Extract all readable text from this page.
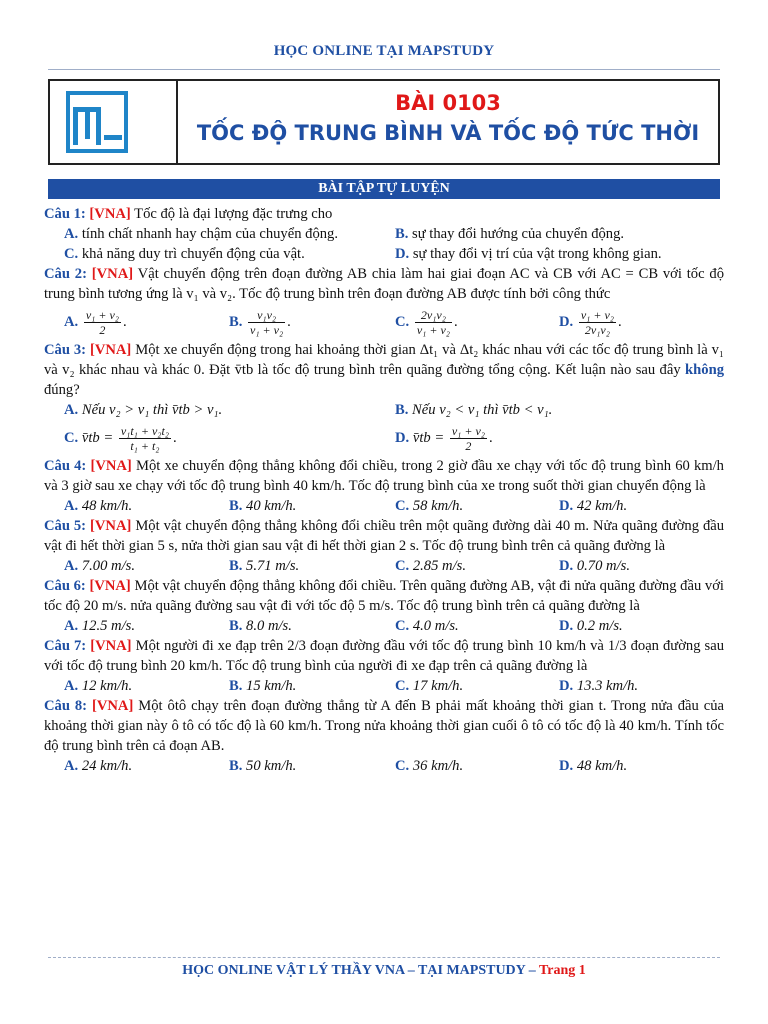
HỌC ONLINE TẠI MAPSTUDY
BÀI 0103
TỐC ĐỘ TRUNG BÌNH VÀ TỐC ĐỘ TỨC THỜI
BÀI TẬP TỰ LUYỆN

Câu 1: [VNA] Tốc độ là đại lượng đặc trưng cho

A. tính chất nhanh hay chậm của chuyển động.	B. sự thay đổi hướng của chuyển động.
C. khả năng duy trì chuyển động của vật.	D. sự thay đổi vị trí của vật trong không gian.

Câu 2: [VNA] Vật chuyển động trên đoạn đường AB chia làm hai giai đoạn AC và CB với AC = CB với tốc độ trung bình tương ứng là v₁ và v₂. Tốc độ trung bình trên đoạn đường AB được tính bởi công thức

A. $\frac{\text{v₁ + v₂}}{2}$ .	B. $\frac{\text{v₁v₂}}{\text{v₁ + v₂}}$ .	C. $\frac{\text{2v₁v₂}}{\text{v₁ + v₂}}$ .	D. $\frac{\text{v₁ + v₂}}{\text{2v₁v₂}}$ .

Câu 3: [VNA] Một xe chuyển động trong hai khoảng thời gian Δt₁ và Δt₂ khác nhau với các tốc độ trung bình là v₁ và v₂ khác nhau và khác 0. Đặt v̄tb là tốc độ trung bình trên quãng đường tổng cộng. Kết luận nào sau đây không đúng?

A. Nếu v₂ > v₁ thì v̄tb > v₁.	B. Nếu v₂ < v₁ thì v̄tb < v₁.
C. v̄tb = $\frac{\text{v₁t₁ + v₂t₂}}{\text{t₁ + t₂}}$ .	D. v̄tb = $\frac{\text{v₁ + v₂}}{2}$ .

Câu 4: [VNA] Một xe chuyển động thẳng không đổi chiều, trong 2 giờ đầu xe chạy với tốc độ trung bình 60 km/h và 3 giờ sau xe chạy với tốc độ trung bình 40 km/h. Tốc độ trung bình của xe trong suốt thời gian chuyển động là

A. 48 km/h.	B. 40 km/h.	C. 58 km/h.	D. 42 km/h.

Câu 5: [VNA] Một vật chuyển động thẳng không đổi chiều trên một quãng đường dài 40 m. Nửa quãng đường đầu vật đi hết thời gian 5 s, nửa thời gian sau vật đi hết thời gian 2 s. Tốc độ trung bình trên cả quãng đường là

A. 7.00 m/s.	B. 5.71 m/s.	C. 2.85 m/s.	D. 0.70 m/s.

Câu 6: [VNA] Một vật chuyển động thẳng không đổi chiều. Trên quãng đường AB, vật đi nửa quãng đường đầu với tốc độ 20 m/s. nửa quãng đường sau vật đi với tốc độ 5 m/s. Tốc độ trung bình trên cả quãng đường là

A. 12.5 m/s.	B. 8.0 m/s.	C. 4.0 m/s.	D. 0.2 m/s.

Câu 7: [VNA] Một người đi xe đạp trên 2/3 đoạn đường đầu với tốc độ trung bình 10 km/h và 1/3 đoạn đường sau với tốc độ trung bình 20 km/h. Tốc độ trung bình của người đi xe đạp trên cả quãng đường là

A. 12 km/h.	B. 15 km/h.	C. 17 km/h.	D. 13.3 km/h.

Câu 8: [VNA] Một ôtô chạy trên đoạn đường thẳng từ A đến B phải mất khoảng thời gian t. Trong nửa đầu của khoảng thời gian này ô tô có tốc độ là 60 km/h. Trong nửa khoảng thời gian cuối ô tô có tốc độ là 40 km/h. Tính tốc độ trung bình trên cả đoạn AB.

A. 24 km/h.	B. 50 km/h.	C. 36 km/h.	D. 48 km/h.
HỌC ONLINE VẬT LÝ THẦY VNA – TẠI MAPSTUDY – Trang 1
